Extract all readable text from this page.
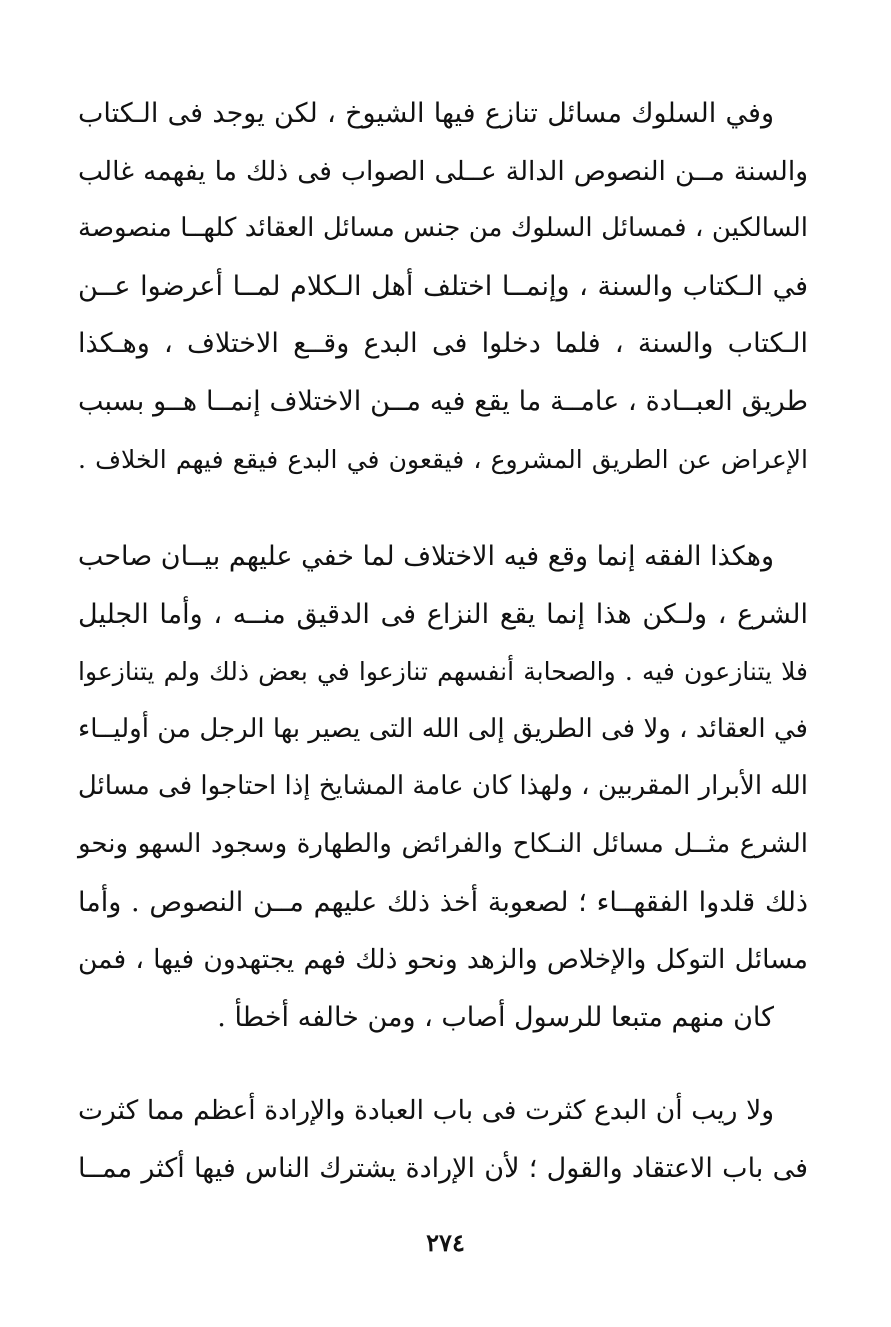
وفي السلوك مسائل تنازع فيها الشيوخ ، لكن يوجد فى الـكتاب
والسنة مــن النصوص الدالة عــلى الصواب فى ذلك ما يفهمه غالب
السالكين ، فمسائل السلوك من جنس مسائل العقائد كلهــا منصوصة
في الـكتاب والسنة ، وإنمــا اختلف أهل الـكلام لمــا أعرضوا عــن
الـكتاب والسنة ، فلما دخلوا فى البدع وقــع الاختلاف ، وهـكذا
طريق العبــادة ، عامــة ما يقع فيه مــن الاختلاف إنمــا هــو بسبب
الإعراض عن الطريق المشروع ، فيقعون في البدع فيقع فيهم الخلاف .
وهكذا الفقه إنما وقع فيه الاختلاف لما خفي عليهم بيــان صاحب
الشرع ، ولـكن هذا إنما يقع النزاع فى الدقيق منــه ، وأما الجليل
فلا يتنازعون فيه . والصحابة أنفسهم تنازعوا في بعض ذلك ولم يتنازعوا
في العقائد ، ولا فى الطريق إلى الله التى يصير بها الرجل من أوليــاء
الله الأبرار المقربين ، ولهذا كان عامة المشايخ إذا احتاجوا فى مسائل
الشرع مثــل مسائل النـكاح والفرائض والطهارة وسجود السهو ونحو
ذلك قلدوا الفقهــاء ؛ لصعوبة أخذ ذلك عليهم مــن النصوص . وأما
مسائل التوكل والإخلاص والزهد ونحو ذلك فهم يجتهدون فيها ، فمن
كان منهم متبعا للرسول أصاب ، ومن خالفه أخطأ .
ولا ريب أن البدع كثرت فى باب العبادة والإرادة أعظم مما كثرت
فى باب الاعتقاد والقول ؛ لأن الإرادة يشترك الناس فيها أكثر ممــا
٢٧٤
